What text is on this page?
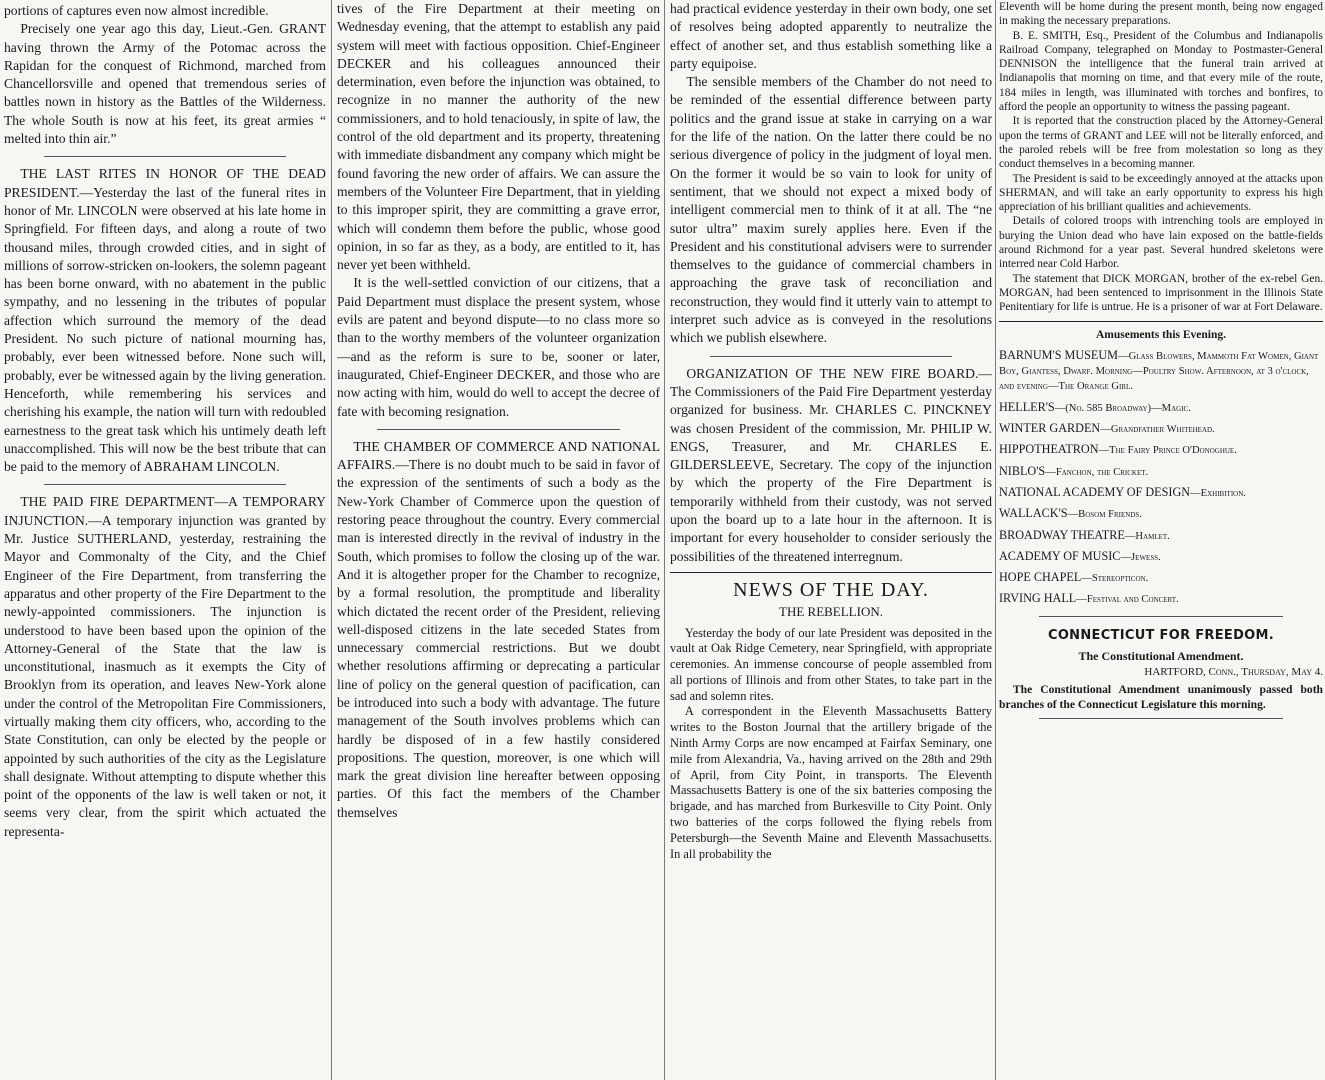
portions of captures even now almost incredible.

Precisely one year ago this day, Lieut.-Gen. GRANT having thrown the Army of the Potomac across the Rapidan for the conquest of Richmond, marched from Chancellorsville and opened that tremendous series of battles nown in history as the Battles of the Wilderness. The whole South is now at his feet, its great armies “ melted into thin air.”

THE LAST RITES IN HONOR OF THE DEAD PRESIDENT.—Yesterday the last of the funeral rites in honor of Mr. LINCOLN were observed at his late home in Springfield. For fifteen days, and along a route of two thousand miles, through crowded cities, and in sight of millions of sorrow-stricken on-lookers, the solemn pageant has been borne onward, with no abatement in the public sympathy, and no lessening in the tributes of popular affection which surround the memory of the dead President. No such picture of national mourning has, probably, ever been witnessed before. None such will, probably, ever be witnessed again by the living generation. Henceforth, while remembering his services and cherishing his example, the nation will turn with redoubled earnestness to the great task which his untimely death left unaccomplished. This will now be the best tribute that can be paid to the memory of ABRAHAM LINCOLN.

THE PAID FIRE DEPARTMENT—A TEMPORARY INJUNCTION.—A temporary injunction was granted by Mr. Justice SUTHERLAND, yesterday, restraining the Mayor and Commonalty of the City, and the Chief Engineer of the Fire Department, from transferring the apparatus and other property of the Fire Department to the newly-appointed commissioners. The injunction is understood to have been based upon the opinion of the Attorney-General of the State that the law is unconstitutional, inasmuch as it exempts the City of Brooklyn from its operation, and leaves New-York alone under the control of the Metropolitan Fire Commissioners, virtually making them city officers, who, according to the State Constitution, can only be elected by the people or appointed by such authorities of the city as the Legislature shall designate. Without attempting to dispute whether this point of the opponents of the law is well taken or not, it seems very clear, from the spirit which actuated the representa-

tives of the Fire Department at their meeting on Wednesday evening, that the attempt to establish any paid system will meet with factious opposition. Chief-Engineer DECKER and his colleagues announced their determination, even before the injunction was obtained, to recognize in no manner the authority of the new commissioners, and to hold tenaciously, in spite of law, the control of the old department and its property, threatening with immediate disbandment any company which might be found favoring the new order of affairs. We can assure the members of the Volunteer Fire Department, that in yielding to this improper spirit, they are committing a grave error, which will condemn them before the public, whose good opinion, in so far as they, as a body, are entitled to it, has never yet been withheld.

It is the well-settled conviction of our citizens, that a Paid Department must displace the present system, whose evils are patent and beyond dispute—to no class more so than to the worthy members of the volunteer organization—and as the reform is sure to be, sooner or later, inaugurated, Chief-Engineer DECKER, and those who are now acting with him, would do well to accept the decree of fate with becoming resignation.

THE CHAMBER OF COMMERCE AND NATIONAL AFFAIRS.—There is no doubt much to be said in favor of the expression of the sentiments of such a body as the New-York Chamber of Commerce upon the question of restoring peace throughout the country. Every commercial man is interested directly in the revival of industry in the South, which promises to follow the closing up of the war. And it is altogether proper for the Chamber to recognize, by a formal resolution, the promptitude and liberality which dictated the recent order of the President, relieving well-disposed citizens in the late seceded States from unnecessary commercial restrictions. But we doubt whether resolutions affirming or deprecating a particular line of policy on the general question of pacification, can be introduced into such a body with advantage. The future management of the South involves problems which can hardly be disposed of in a few hastily considered propositions. The question, moreover, is one which will mark the great division line hereafter between opposing parties. Of this fact the members of the Chamber themselves

had practical evidence yesterday in their own body, one set of resolves being adopted apparently to neutralize the effect of another set, and thus establish something like a party equipoise.

The sensible members of the Chamber do not need to be reminded of the essential difference between party politics and the grand issue at stake in carrying on a war for the life of the nation. On the latter there could be no serious divergence of policy in the judgment of loyal men. On the former it would be so vain to look for unity of sentiment, that we should not expect a mixed body of intelligent commercial men to think of it at all. The “ne sutor ultra” maxim surely applies here. Even if the President and his constitutional advisers were to surrender themselves to the guidance of commercial chambers in approaching the grave task of reconciliation and reconstruction, they would find it utterly vain to attempt to interpret such advice as is conveyed in the resolutions which we publish elsewhere.

ORGANIZATION OF THE NEW FIRE BOARD.—The Commissioners of the Paid Fire Department yesterday organized for business. Mr. CHARLES C. PINCKNEY was chosen President of the commission, Mr. PHILIP W. ENGS, Treasurer, and Mr. CHARLES E. GILDERSLEEVE, Secretary. The copy of the injunction by which the property of the Fire Department is temporarily withheld from their custody, was not served upon the board up to a late hour in the afternoon. It is important for every householder to consider seriously the possibilities of the threatened interregnum.

NEWS OF THE DAY.
THE REBELLION.

Yesterday the body of our late President was deposited in the vault at Oak Ridge Cemetery, near Springfield, with appropriate ceremonies. An immense concourse of people assembled from all portions of Illinois and from other States, to take part in the sad and solemn rites.

A correspondent in the Eleventh Massachusetts Battery writes to the Boston Journal that the artillery brigade of the Ninth Army Corps are now encamped at Fairfax Seminary, one mile from Alexandria, Va., having arrived on the 28th and 29th of April, from City Point, in transports. The Eleventh Massachusetts Battery is one of the six batteries composing the brigade, and has marched from Burkesville to City Point. Only two batteries of the corps followed the flying rebels from Petersburgh—the Seventh Maine and Eleventh Massachusetts. In all probability the

Eleventh will be home during the present month, being now engaged in making the necessary preparations.

B. E. SMITH, Esq., President of the Columbus and Indianapolis Railroad Company, telegraphed on Monday to Postmaster-General DENNISON the intelligence that the funeral train arrived at Indianapolis that morning on time, and that every mile of the route, 184 miles in length, was illuminated with torches and bonfires, to afford the people an opportunity to witness the passing pageant.

It is reported that the construction placed by the Attorney-General upon the terms of GRANT and LEE will not be literally enforced, and the paroled rebels will be free from molestation so long as they conduct themselves in a becoming manner.

The President is said to be exceedingly annoyed at the attacks upon SHERMAN, and will take an early opportunity to express his high appreciation of his brilliant qualities and achievements.

Details of colored troops with intrenching tools are employed in burying the Union dead who have lain exposed on the battle-fields around Richmond for a year past. Several hundred skeletons were interred near Cold Harbor.

The statement that DICK MORGAN, brother of the ex-rebel Gen. MORGAN, had been sentenced to imprisonment in the Illinois State Penitentiary for life is untrue. He is a prisoner of war at Fort Delaware.

Amusements this Evening.

BARNUM'S MUSEUM—Glass Blowers, Mammoth Fat Women, Giant Boy, Giantess, Dwarf. Morning—Poultry Show. Afternoon, at 3 o'clock, and evening—The Orange Girl.

HELLER'S—(No. 585 Broadway)—Magic.

WINTER GARDEN—Grandfather Whitehead.

HIPPOTHEATRON—The Fairy Prince O'Donoghue.

NIBLO'S—Fanchon, the Cricket.

NATIONAL ACADEMY OF DESIGN—Exhibition.

WALLACK'S—Bosom Friends.

BROADWAY THEATRE—Hamlet.

ACADEMY OF MUSIC—Jewess.

HOPE CHAPEL—Stereopticon.

IRVING HALL—Festival and Concert.

CONNECTICUT FOR FREEDOM.
The Constitutional Amendment.
HARTFORD, Conn., Thursday, May 4.

The Constitutional Amendment unanimously passed both branches of the Connecticut Legislature this morning.
